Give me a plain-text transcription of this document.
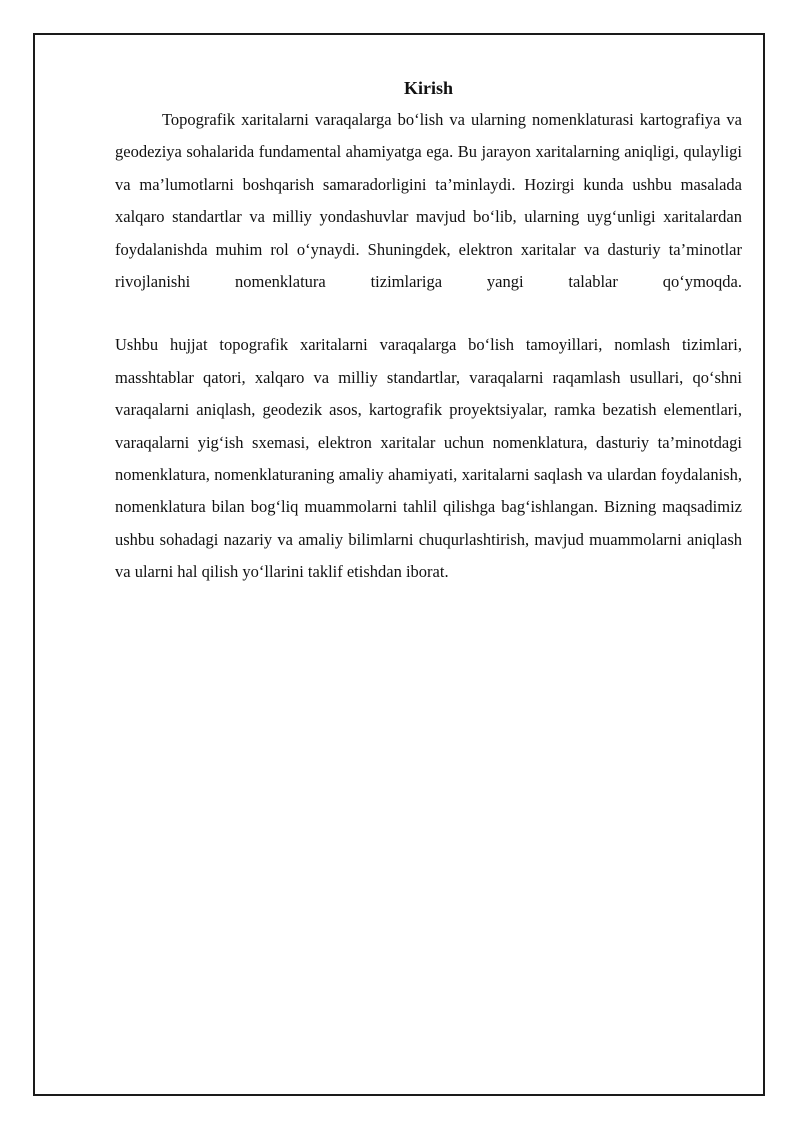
Kirish

Topografik xaritalarni varaqalarga bo‘lish va ularning nomenklaturasi kartografiya va geodeziya sohalarida fundamental ahamiyatga ega. Bu jarayon xaritalarning aniqligi, qulayligi va ma’lumotlarni boshqarish samaradorligini ta’minlaydi. Hozirgi kunda ushbu masalada xalqaro standartlar va milliy yondashuvlar mavjud bo‘lib, ularning uyg‘unligi xaritalardan foydalanishda muhim rol o‘ynaydi. Shuningdek, elektron xaritalar va dasturiy ta’minotlar rivojlanishi nomenklatura tizimlariga yangi talablar qo‘ymoqda.

Ushbu hujjat topografik xaritalarni varaqalarga bo‘lish tamoyillari, nomlash tizimlari, masshtablar qatori, xalqaro va milliy standartlar, varaqalarni raqamlash usullari, qo‘shni varaqalarni aniqlash, geodezik asos, kartografik proyektsiyalar, ramka bezatish elementlari, varaqalarni yig‘ish sxemasi, elektron xaritalar uchun nomenklatura, dasturiy ta’minotdagi nomenklatura, nomenklaturaning amaliy ahamiyati, xaritalarni saqlash va ulardan foydalanish, nomenklatura bilan bog‘liq muammolarni tahlil qilishga bag‘ishlangan. Bizning maqsadimiz ushbu sohadagi nazariy va amaliy bilimlarni chuqurlashtirish, mavjud muammolarni aniqlash va ularni hal qilish yo‘llarini taklif etishdan iborat.
